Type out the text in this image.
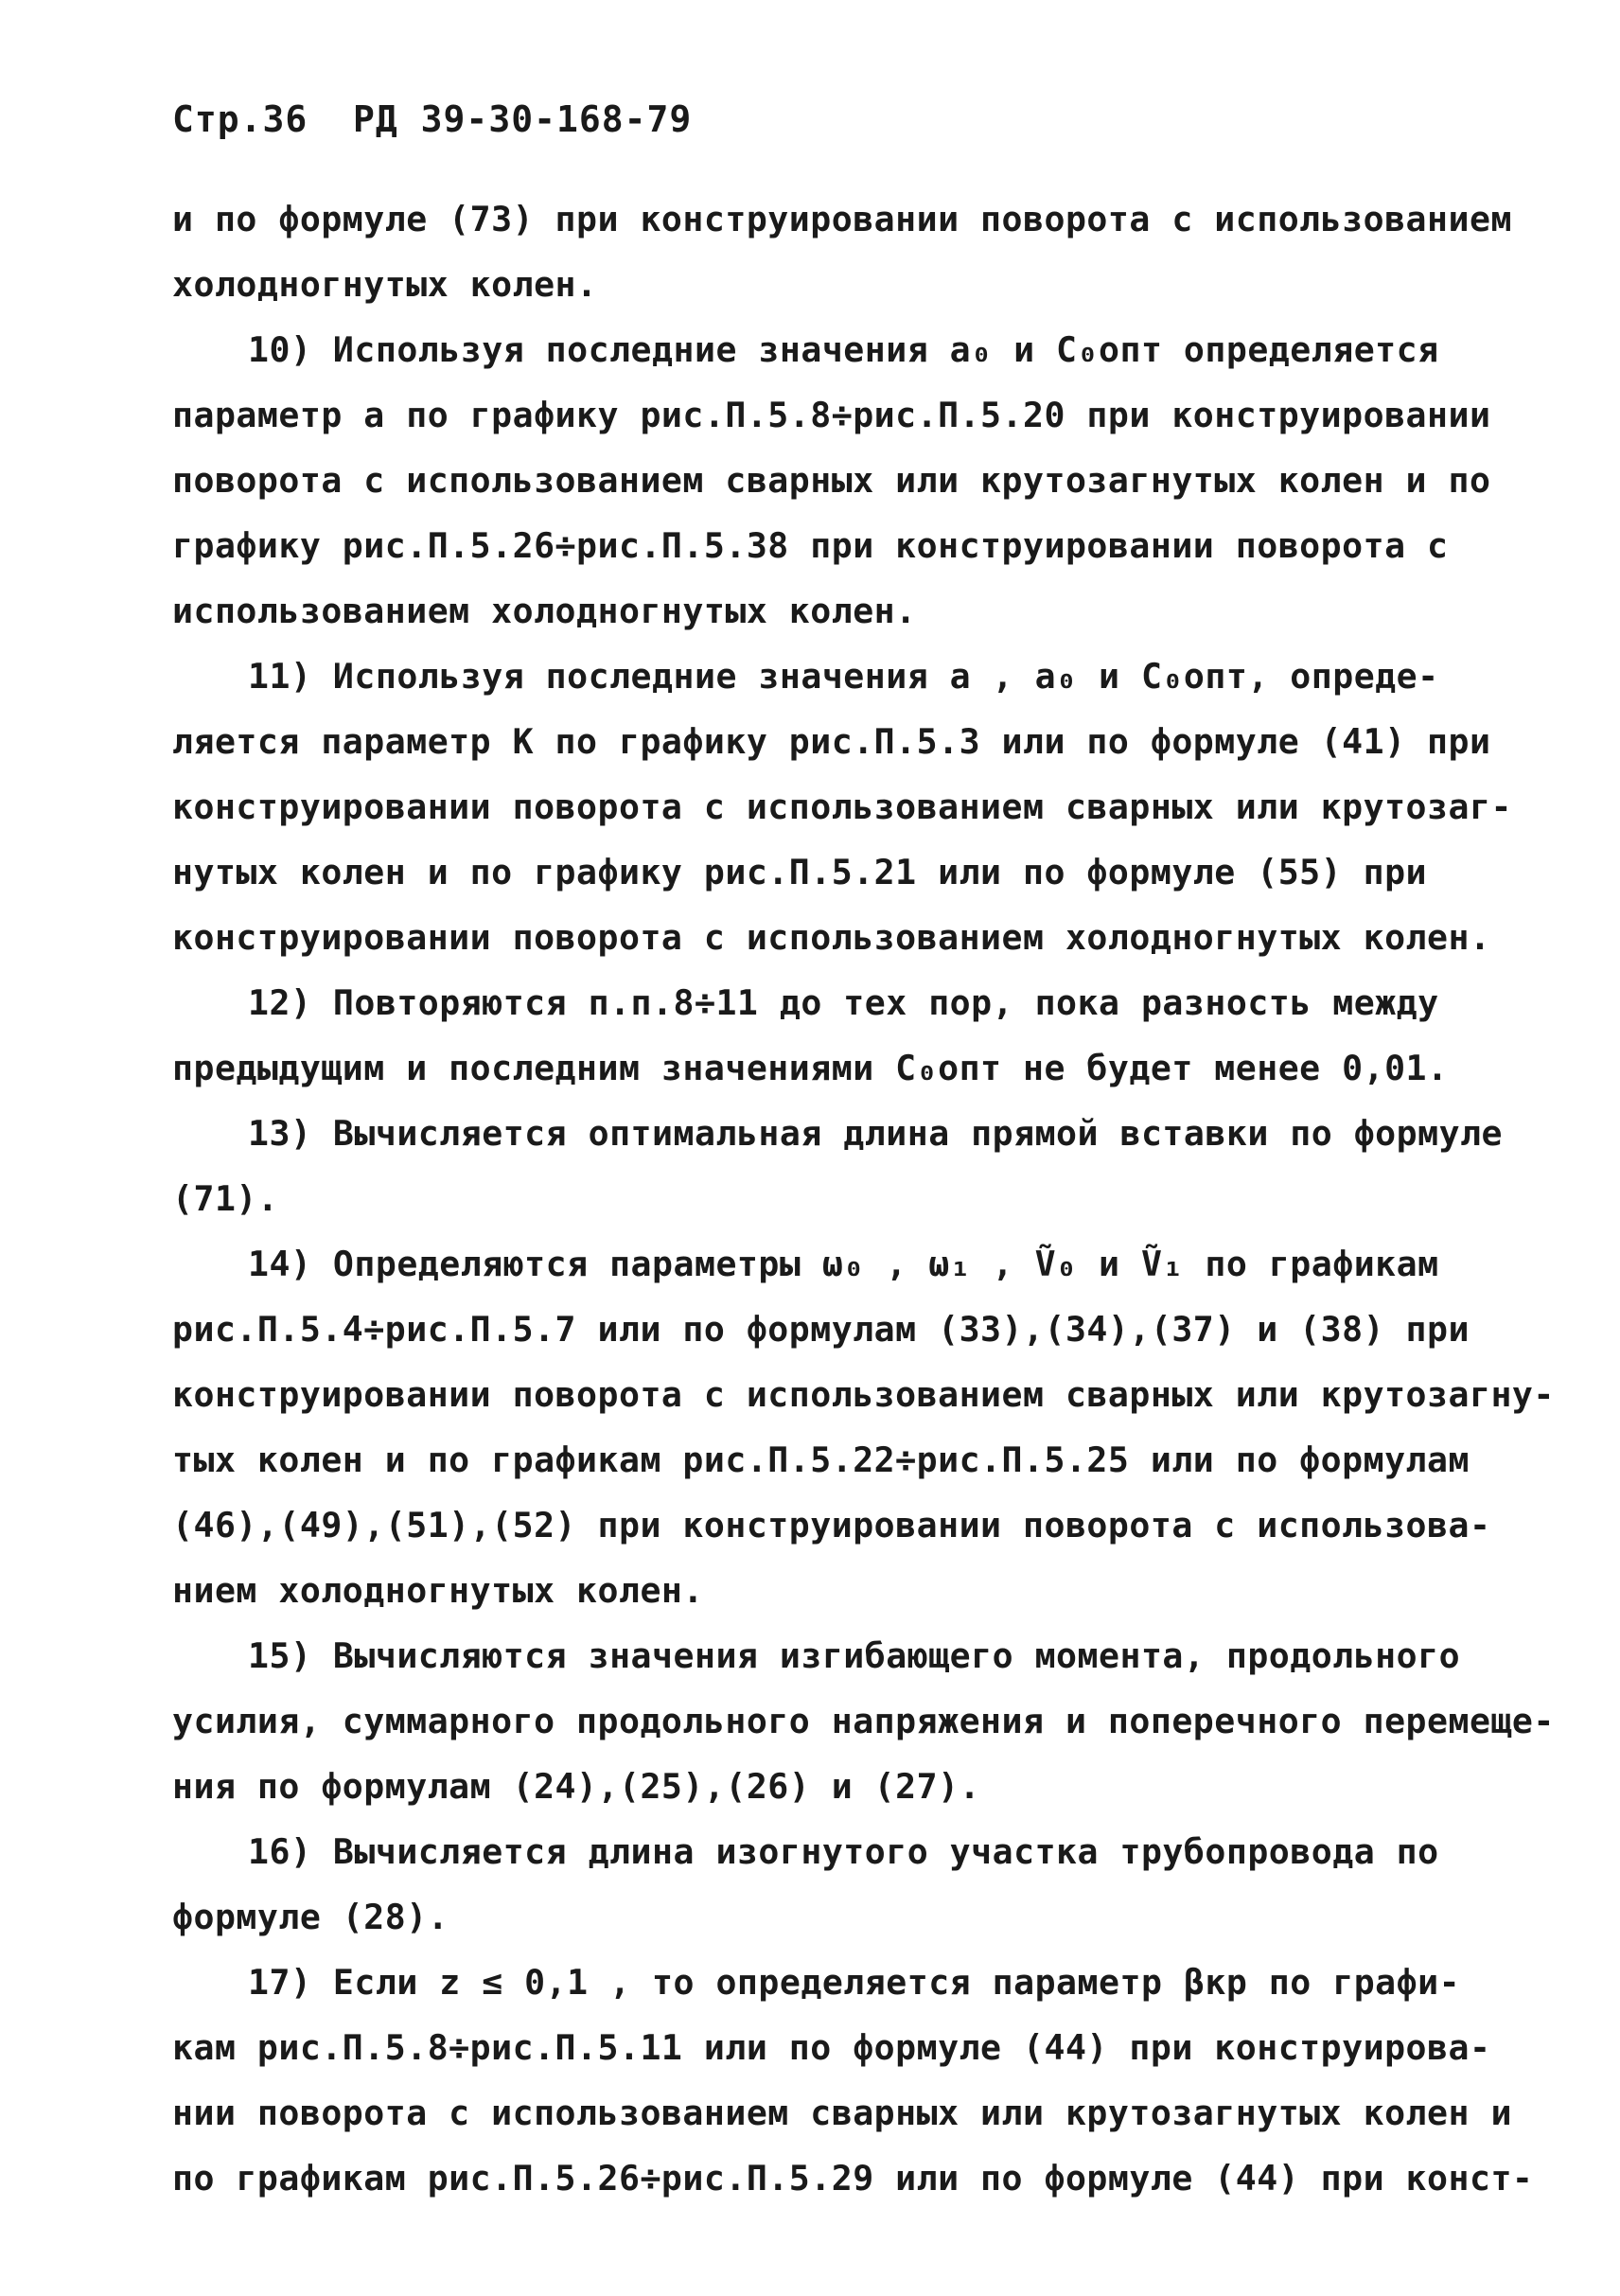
Стр.36 РД 39-30-168-79
и по формуле (73) при конструировании поворота с использованием
холодногнутых колен.
10) Используя последние значения a₀ и C₀опт определяется
параметр a по графику рис.П.5.8÷рис.П.5.20 при конструировании
поворота с использованием сварных или крутозагнутых колен и по
графику рис.П.5.26÷рис.П.5.38 при конструировании поворота с
использованием холодногнутых колен.
11) Используя последние значения a , a₀ и C₀опт, опреде-
ляется параметр K по графику рис.П.5.3 или по формуле (41) при
конструировании поворота с использованием сварных или крутозаг-
нутых колен и по графику рис.П.5.21 или по формуле (55) при
конструировании поворота с использованием холодногнутых колен.
12) Повторяются п.п.8÷11 до тех пор, пока разность между
предыдущим и последним значениями C₀опт не будет менее 0,01.
13) Вычисляется оптимальная длина прямой вставки по формуле
(71).
14) Определяются параметры ω₀ , ω₁ , Ṽ₀ и Ṽ₁ по графикам
рис.П.5.4÷рис.П.5.7 или по формулам (33),(34),(37) и (38) при
конструировании поворота с использованием сварных или крутозагну-
тых колен и по графикам рис.П.5.22÷рис.П.5.25 или по формулам
(46),(49),(51),(52) при конструировании поворота с использова-
нием холодногнутых колен.
15) Вычисляются значения изгибающего момента, продольного
усилия, суммарного продольного напряжения и поперечного перемеще-
ния по формулам (24),(25),(26) и (27).
16) Вычисляется длина изогнутого участка трубопровода по
формуле (28).
17) Если z ≤ 0,1 , то определяется параметр βкр по графи-
кам рис.П.5.8÷рис.П.5.11 или по формуле (44) при конструирова-
нии поворота с использованием сварных или крутозагнутых колен и
по графикам рис.П.5.26÷рис.П.5.29 или по формуле (44) при конст-
